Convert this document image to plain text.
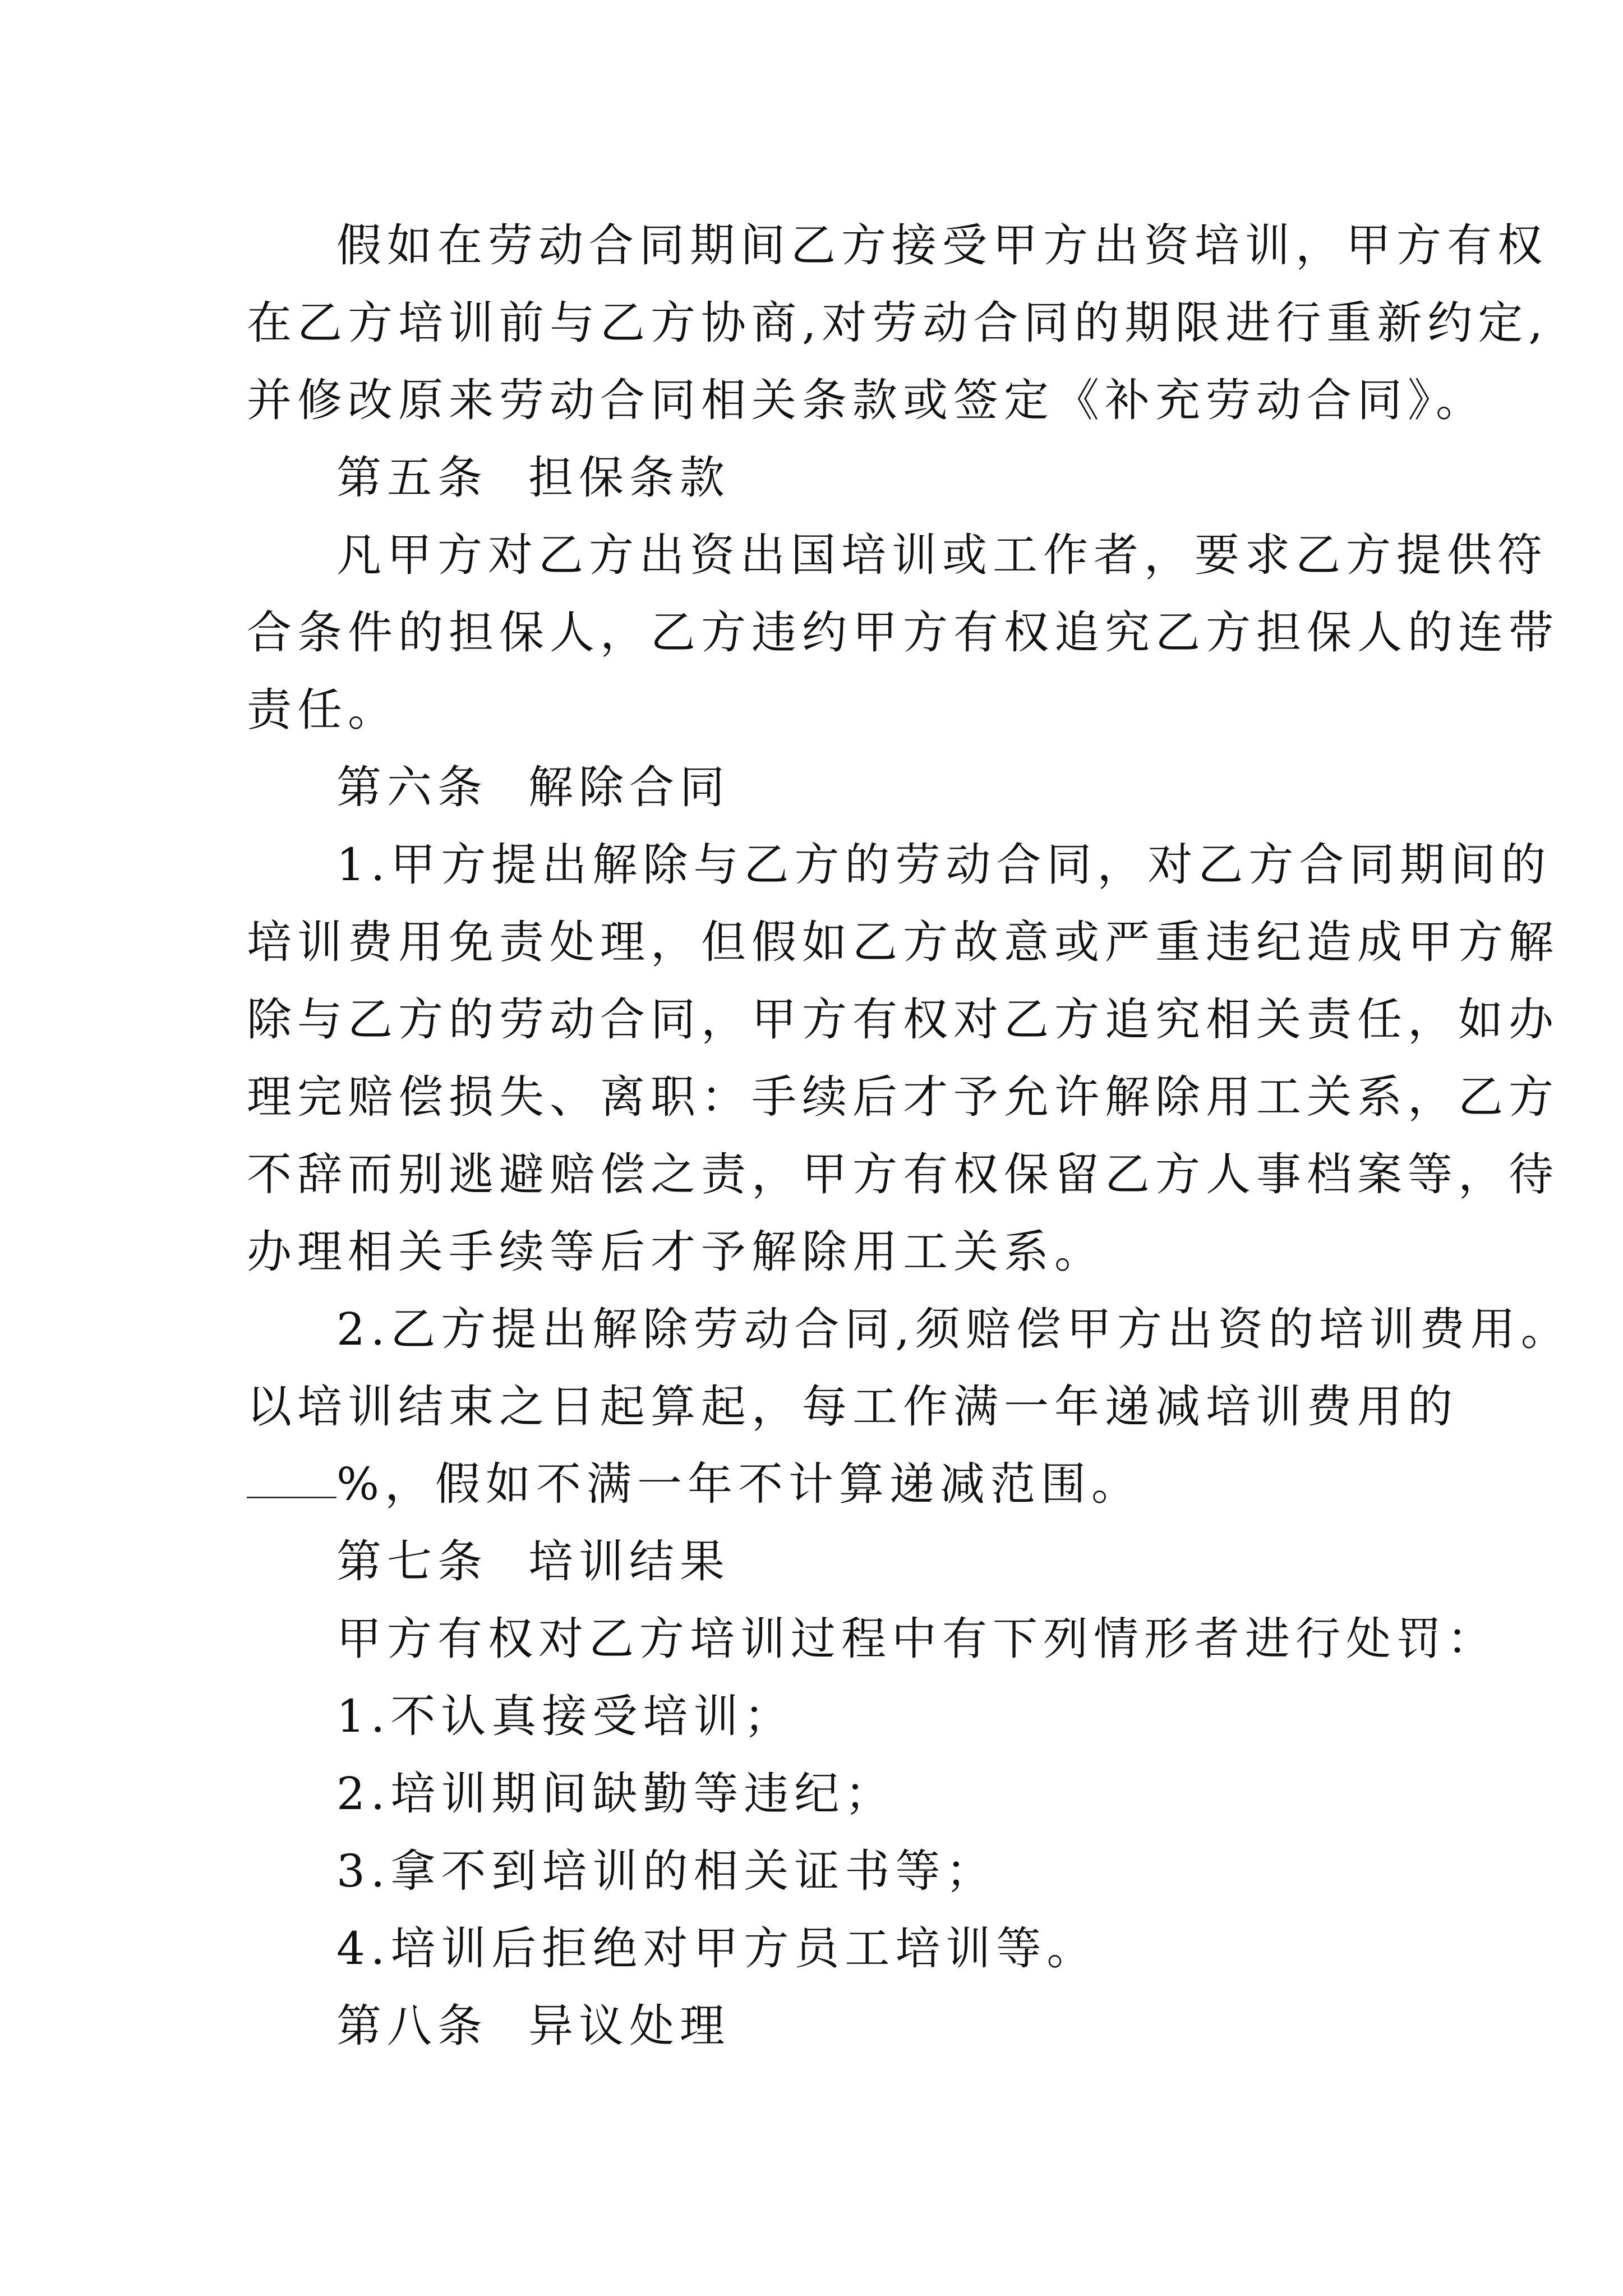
假如在劳动合同期间乙方接受甲方出资培训，甲方有权
在乙方培训前与乙方协商,对劳动合同的期限进行重新约定,
并修改原来劳动合同相关条款或签定《补充劳动合同》。
第五条 担保条款
凡甲方对乙方出资出国培训或工作者，要求乙方提供符
合条件的担保人，乙方违约甲方有权追究乙方担保人的连带
责任。
第六条 解除合同
1.甲方提出解除与乙方的劳动合同，对乙方合同期间的
培训费用免责处理，但假如乙方故意或严重违纪造成甲方解
除与乙方的劳动合同，甲方有权对乙方追究相关责任，如办
理完赔偿损失、离职：手续后才予允许解除用工关系，乙方
不辞而别逃避赔偿之责，甲方有权保留乙方人事档案等，待
办理相关手续等后才予解除用工关系。
2.乙方提出解除劳动合同,须赔偿甲方出资的培训费用。
以培训结束之日起算起，每工作满一年递减培训费用的
%，假如不满一年不计算递减范围。
第七条 培训结果
甲方有权对乙方培训过程中有下列情形者进行处罚：
1.不认真接受培训；
2.培训期间缺勤等违纪；
3.拿不到培训的相关证书等；
4.培训后拒绝对甲方员工培训等。
第八条 异议处理
